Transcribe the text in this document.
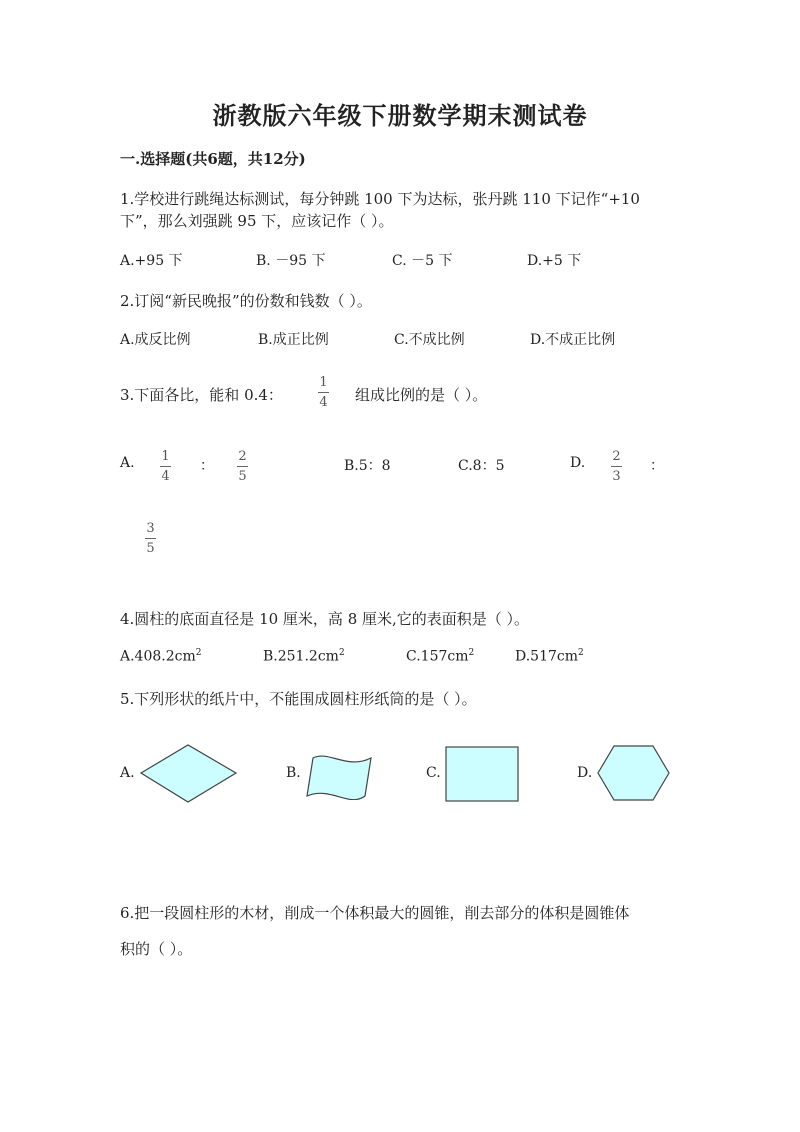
浙教版六年级下册数学期末测试卷
一.选择题(共6题，共12分)
1.学校进行跳绳达标测试，每分钟跳 100 下为达标，张丹跳 110 下记作“+10
下”，那么刘强跳 95 下，应该记作（ ）。
A.+95 下	B. －95 下	C. －5 下	D.+5 下
2.订阅“新民晚报”的份数和钱数（ ）。
A.成反比例	B.成正比例	C.不成比例	D.不成正比例
3.下面各比，能和 0.4：
1
4 组成比例的是（ ）。
A. 1
4
：
2
5
B.5：8	C.8：5	D. 2
3
：
3
5
4.圆柱的底面直径是 10 厘米，高 8 厘米,它的表面积是（ ）。
$A.408.2cm^2$	$B.251.2cm^2$	$C.157cm^2$	$D.517cm^2$
5.下列形状的纸片中，不能围成圆柱形纸筒的是（ ）。
A.	B.	C.	D.
6.把一段圆柱形的木材，削成一个体积最大的圆锥，削去部分的体积是圆锥体
积的（ ）。
